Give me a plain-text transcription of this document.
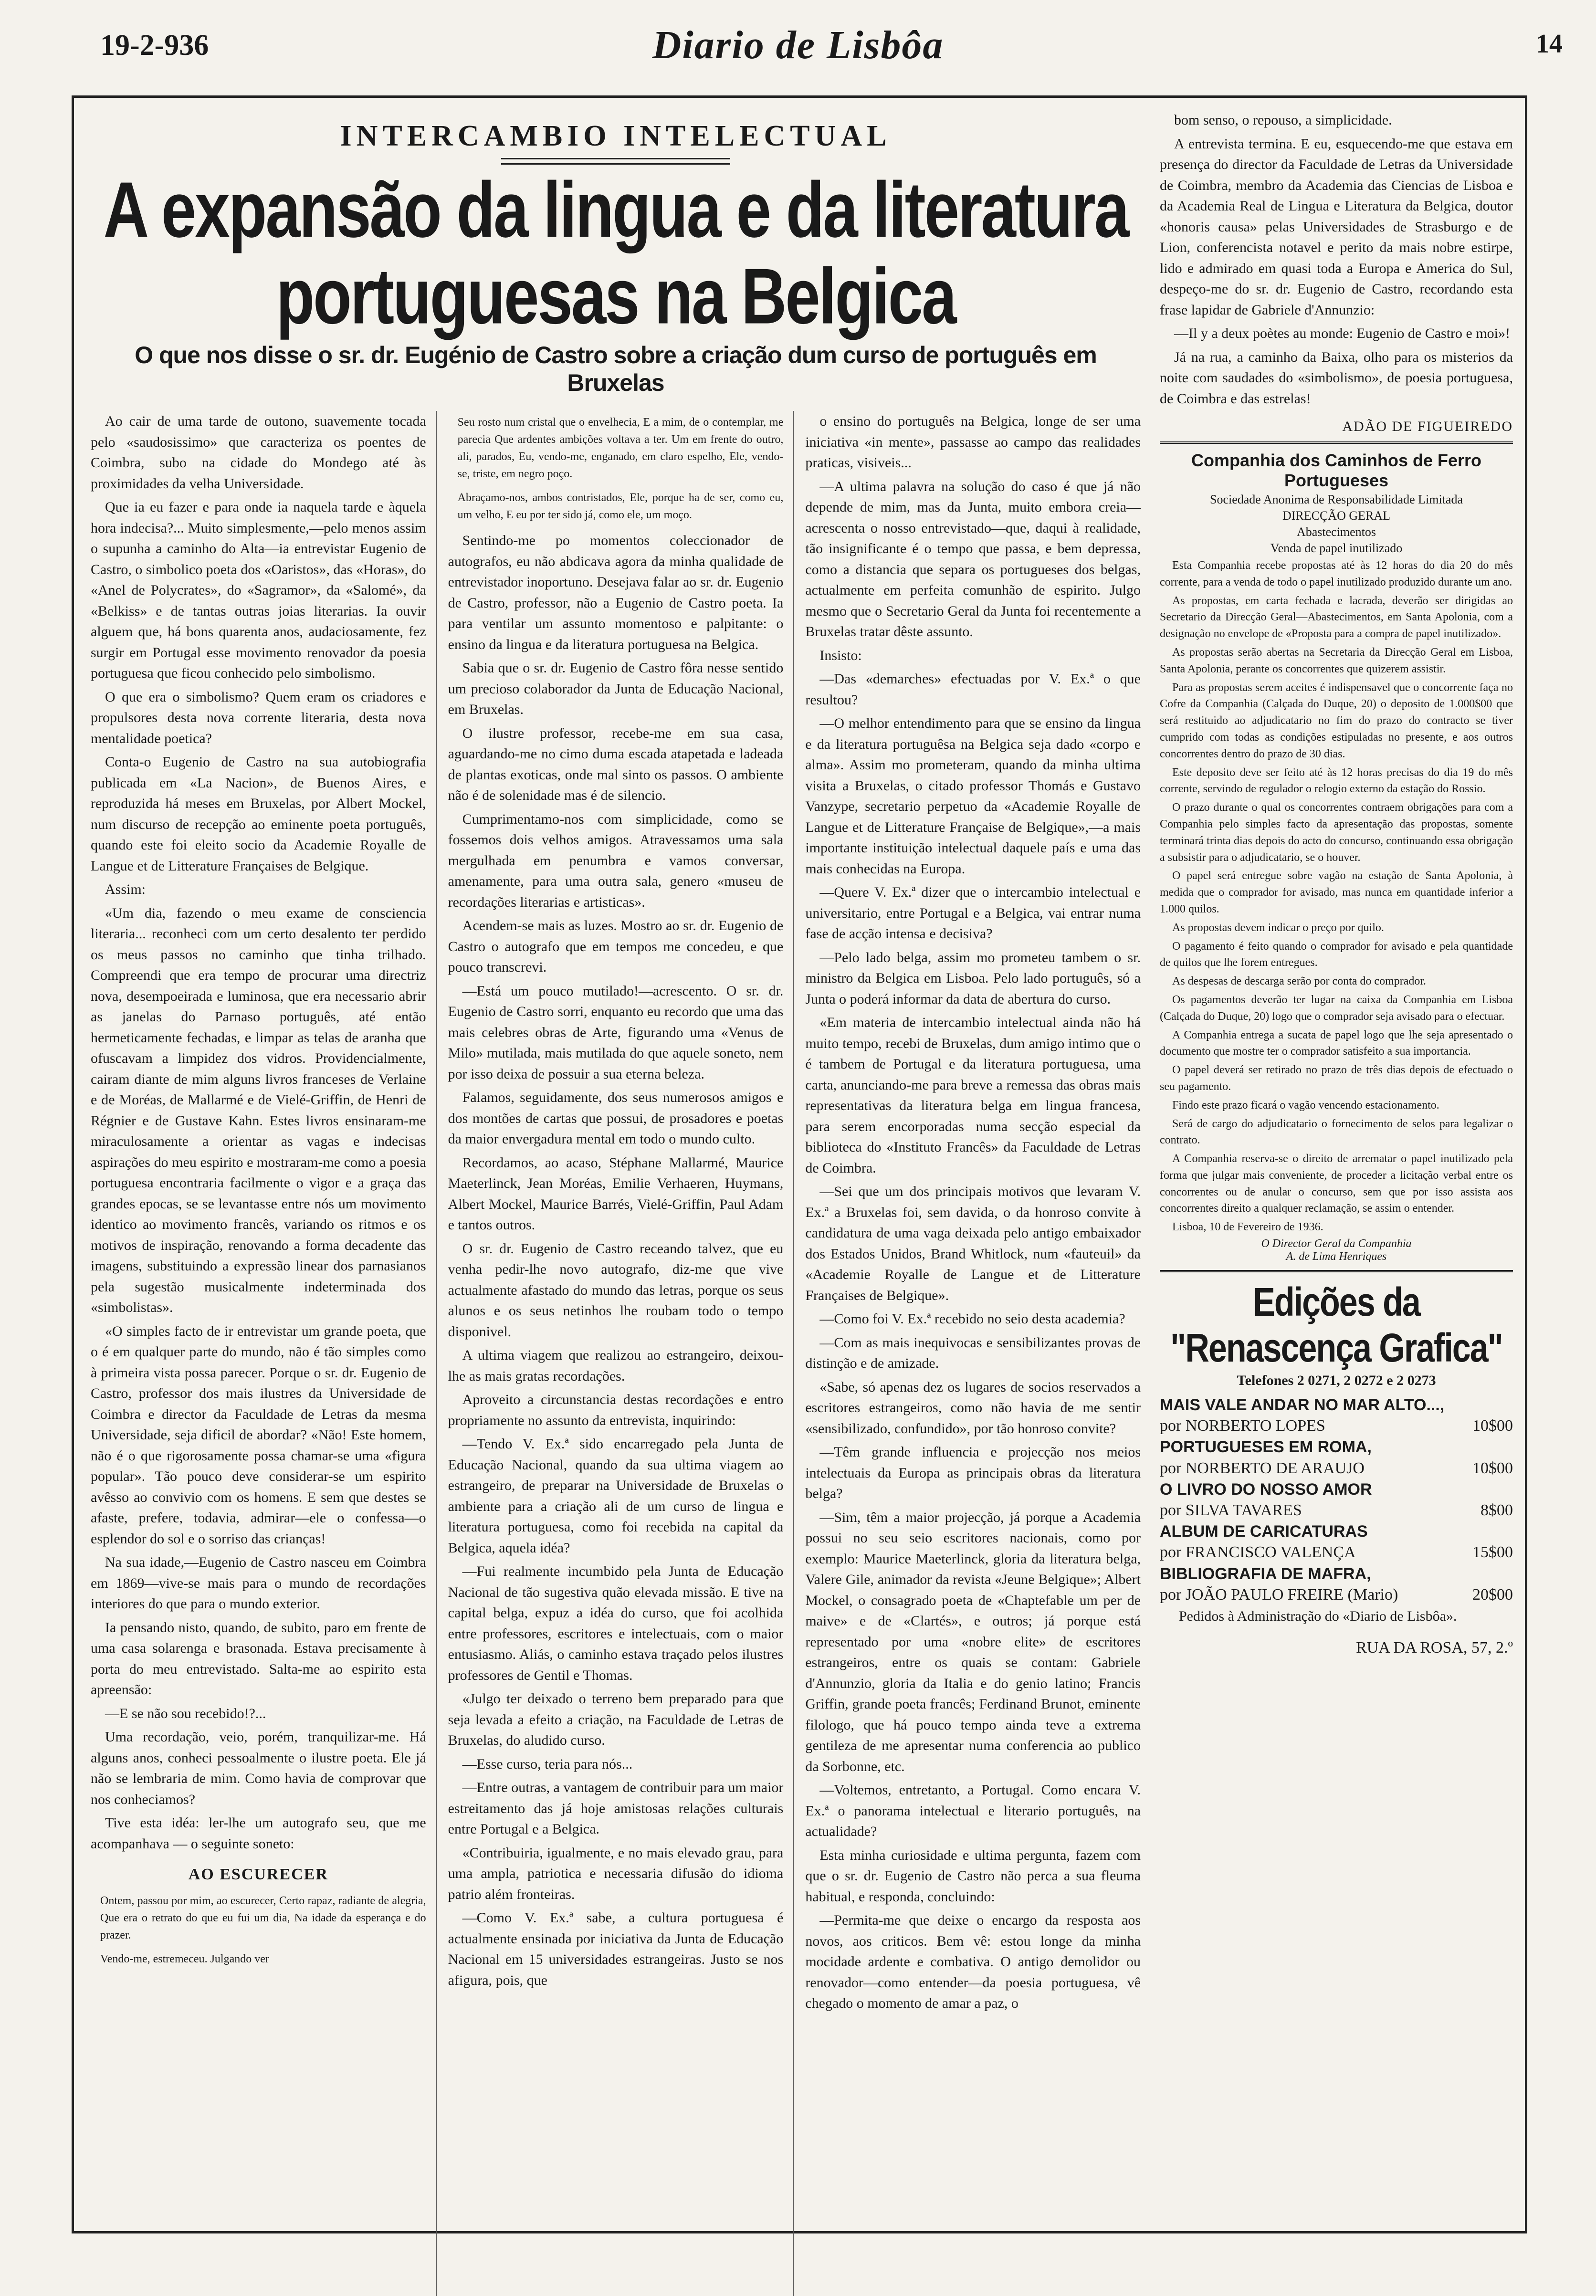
19-2-936	Diario de Lisbôa	14
INTERCAMBIO INTELECTUAL
A expansão da lingua e da literatura portuguesas na Belgica
O que nos disse o sr. dr. Eugénio de Castro sobre a criação dum curso de português em Bruxelas

Ao cair de uma tarde de outono, suavemente tocada pelo «saudosissimo» que caracteriza os poentes de Coimbra, subo na cidade do Mondego até às proximidades da velha Universidade.

Que ia eu fazer e para onde ia naquela tarde e àquela hora indecisa?... Muito simplesmente,—pelo menos assim o supunha a caminho do Alta—ia entrevistar Eugenio de Castro, o simbolico poeta dos «Oaristos», das «Horas», do «Anel de Polycrates», do «Sagramor», da «Salomé», da «Belkiss» e de tantas outras joias literarias. Ia ouvir alguem que, há bons quarenta anos, audaciosamente, fez surgir em Portugal esse movimento renovador da poesia portuguesa que ficou conhecido pelo simbolismo.

O que era o simbolismo? Quem eram os criadores e propulsores desta nova corrente literaria, desta nova mentalidade poetica?

Conta-o Eugenio de Castro na sua autobiografia publicada em «La Nacion», de Buenos Aires, e reproduzida há meses em Bruxelas, por Albert Mockel, num discurso de recepção ao eminente poeta português, quando este foi eleito socio da Academie Royalle de Langue et de Litterature Françaises de Belgique.

Assim:

«Um dia, fazendo o meu exame de consciencia literaria... reconheci com um certo desalento ter perdido os meus passos no caminho que tinha trilhado. Compreendi que era tempo de procurar uma directriz nova, desempoeirada e luminosa, que era necessario abrir as janelas do Parnaso português, até então hermeticamente fechadas, e limpar as telas de aranha que ofuscavam a limpidez dos vidros. Providencialmente, cairam diante de mim alguns livros franceses de Verlaine e de Moréas, de Mallarmé e de Vielé-Griffin, de Henri de Régnier e de Gustave Kahn. Estes livros ensinaram-me miraculosamente a orientar as vagas e indecisas aspirações do meu espirito e mostraram-me como a poesia portuguesa encontraria facilmente o vigor e a graça das grandes epocas, se se levantasse entre nós um movimento identico ao movimento francês, variando os ritmos e os motivos de inspiração, renovando a forma decadente das imagens, substituindo a expressão linear dos parnasianos pela sugestão musicalmente indeterminada dos «simbolistas».

«O simples facto de ir entrevistar um grande poeta, que o é em qualquer parte do mundo, não é tão simples como à primeira vista possa parecer. Porque o sr. dr. Eugenio de Castro, professor dos mais ilustres da Universidade de Coimbra e director da Faculdade de Letras da mesma Universidade, seja dificil de abordar? «Não! Este homem, não é o que rigorosamente possa chamar-se uma «figura popular». Tão pouco deve considerar-se um espirito avêsso ao convivio com os homens. E sem que destes se afaste, prefere, todavia, admirar—ele o confessa—o esplendor do sol e o sorriso das crianças!

Na sua idade,—Eugenio de Castro nasceu em Coimbra em 1869—vive-se mais para o mundo de recordações interiores do que para o mundo exterior.

Ia pensando nisto, quando, de subito, paro em frente de uma casa solarenga e brasonada. Estava precisamente à porta do meu entrevistado. Salta-me ao espirito esta apreensão:

—E se não sou recebido!?...

Uma recordação, veio, porém, tranquilizar-me. Há alguns anos, conheci pessoalmente o ilustre poeta. Ele já não se lembraria de mim. Como havia de comprovar que nos conheciamos?

Tive esta idéa: ler-lhe um autografo seu, que me acompanhava — o seguinte soneto:

AO ESCURECER
Ontem, passou por mim, ao escurecer, Certo rapaz, radiante de alegria, Que era o retrato do que eu fui um dia, Na idade da esperança e do prazer.
Vendo-me, estremeceu. Julgando ver
Seu rosto num cristal que o envelhecia, E a mim, de o contemplar, me parecia Que ardentes ambições voltava a ter. Um em frente do outro, ali, parados, Eu, vendo-me, enganado, em claro espelho, Ele, vendo-se, triste, em negro poço.
Abraçamo-nos, ambos contristados, Ele, porque ha de ser, como eu, um velho, E eu por ter sido já, como ele, um moço.

Sentindo-me po momentos coleccionador de autografos, eu não abdicava agora da minha qualidade de entrevistador inoportuno. Desejava falar ao sr. dr. Eugenio de Castro, professor, não a Eugenio de Castro poeta. Ia para ventilar um assunto momentoso e palpitante: o ensino da lingua e da literatura portuguesa na Belgica.

Sabia que o sr. dr. Eugenio de Castro fôra nesse sentido um precioso colaborador da Junta de Educação Nacional, em Bruxelas.

O ilustre professor, recebe-me em sua casa, aguardando-me no cimo duma escada atapetada e ladeada de plantas exoticas, onde mal sinto os passos. O ambiente não é de solenidade mas é de silencio.

Cumprimentamo-nos com simplicidade, como se fossemos dois velhos amigos. Atravessamos uma sala mergulhada em penumbra e vamos conversar, amenamente, para uma outra sala, genero «museu de recordações literarias e artisticas».

Acendem-se mais as luzes. Mostro ao sr. dr. Eugenio de Castro o autografo que em tempos me concedeu, e que pouco transcrevi.

—Está um pouco mutilado!—acrescento. O sr. dr. Eugenio de Castro sorri, enquanto eu recordo que uma das mais celebres obras de Arte, figurando uma «Venus de Milo» mutilada, mais mutilada do que aquele soneto, nem por isso deixa de possuir a sua eterna beleza.

Falamos, seguidamente, dos seus numerosos amigos e dos montões de cartas que possui, de prosadores e poetas da maior envergadura mental em todo o mundo culto.

Recordamos, ao acaso, Stéphane Mallarmé, Maurice Maeterlinck, Jean Moréas, Emilie Verhaeren, Huymans, Albert Mockel, Maurice Barrés, Vielé-Griffin, Paul Adam e tantos outros.

O sr. dr. Eugenio de Castro receando talvez, que eu venha pedir-lhe novo autografo, diz-me que vive actualmente afastado do mundo das letras, porque os seus alunos e os seus netinhos lhe roubam todo o tempo disponivel.

A ultima viagem que realizou ao estrangeiro, deixou-lhe as mais gratas recordações.

Aproveito a circunstancia destas recordações e entro propriamente no assunto da entrevista, inquirindo:

—Tendo V. Ex.ª sido encarregado pela Junta de Educação Nacional, quando da sua ultima viagem ao estrangeiro, de preparar na Universidade de Bruxelas o ambiente para a criação ali de um curso de lingua e literatura portuguesa, como foi recebida na capital da Belgica, aquela idéa?

—Fui realmente incumbido pela Junta de Educação Nacional de tão sugestiva quão elevada missão. E tive na capital belga, expuz a idéa do curso, que foi acolhida entre professores, escritores e intelectuais, com o maior entusiasmo. Aliás, o caminho estava traçado pelos ilustres professores de Gentil e Thomas.

«Julgo ter deixado o terreno bem preparado para que seja levada a efeito a criação, na Faculdade de Letras de Bruxelas, do aludido curso.

—Esse curso, teria para nós...

—Entre outras, a vantagem de contribuir para um maior estreitamento das já hoje amistosas relações culturais entre Portugal e a Belgica.

«Contribuiria, igualmente, e no mais elevado grau, para uma ampla, patriotica e necessaria difusão do idioma patrio além fronteiras.

—Como V. Ex.ª sabe, a cultura portuguesa é actualmente ensinada por iniciativa da Junta de Educação Nacional em 15 universidades estrangeiras. Justo se nos afigura, pois, que

o ensino do português na Belgica, longe de ser uma iniciativa «in mente», passasse ao campo das realidades praticas, visiveis...

—A ultima palavra na solução do caso é que já não depende de mim, mas da Junta, muito embora creia—acrescenta o nosso entrevistado—que, daqui à realidade, tão insignificante é o tempo que passa, e bem depressa, como a distancia que separa os portugueses dos belgas, actualmente em perfeita comunhão de espirito. Julgo mesmo que o Secretario Geral da Junta foi recentemente a Bruxelas tratar dêste assunto.

Insisto:

—Das «demarches» efectuadas por V. Ex.ª o que resultou?

—O melhor entendimento para que se ensino da lingua e da literatura portuguêsa na Belgica seja dado «corpo e alma». Assim mo prometeram, quando da minha ultima visita a Bruxelas, o citado professor Thomás e Gustavo Vanzype, secretario perpetuo da «Academie Royalle de Langue et de Litterature Française de Belgique»,—a mais importante instituição intelectual daquele país e uma das mais conhecidas na Europa.

—Quere V. Ex.ª dizer que o intercambio intelectual e universitario, entre Portugal e a Belgica, vai entrar numa fase de acção intensa e decisiva?

—Pelo lado belga, assim mo prometeu tambem o sr. ministro da Belgica em Lisboa. Pelo lado português, só a Junta o poderá informar da data de abertura do curso.

«Em materia de intercambio intelectual ainda não há muito tempo, recebi de Bruxelas, dum amigo intimo que o é tambem de Portugal e da literatura portuguesa, uma carta, anunciando-me para breve a remessa das obras mais representativas da literatura belga em lingua francesa, para serem encorporadas numa secção especial da biblioteca do «Instituto Francês» da Faculdade de Letras de Coimbra.

—Sei que um dos principais motivos que levaram V. Ex.ª a Bruxelas foi, sem davida, o da honroso convite à candidatura de uma vaga deixada pelo antigo embaixador dos Estados Unidos, Brand Whitlock, num «fauteuil» da «Academie Royalle de Langue et de Litterature Françaises de Belgique».

—Como foi V. Ex.ª recebido no seio desta academia?

—Com as mais inequivocas e sensibilizantes provas de distinção e de amizade.

«Sabe, só apenas dez os lugares de socios reservados a escritores estrangeiros, como não havia de me sentir «sensibilizado, confundido», por tão honroso convite?

—Têm grande influencia e projecção nos meios intelectuais da Europa as principais obras da literatura belga?

—Sim, têm a maior projecção, já porque a Academia possui no seu seio escritores nacionais, como por exemplo: Maurice Maeterlinck, gloria da literatura belga, Valere Gile, animador da revista «Jeune Belgique»; Albert Mockel, o consagrado poeta de «Chaptefable um per de maive» e de «Clartés», e outros; já porque está representado por uma «nobre elite» de escritores estrangeiros, entre os quais se contam: Gabriele d'Annunzio, gloria da Italia e do genio latino; Francis Griffin, grande poeta francês; Ferdinand Brunot, eminente filologo, que há pouco tempo ainda teve a extrema gentileza de me apresentar numa conferencia ao publico da Sorbonne, etc.

—Voltemos, entretanto, a Portugal. Como encara V. Ex.ª o panorama intelectual e literario português, na actualidade?

Esta minha curiosidade e ultima pergunta, fazem com que o sr. dr. Eugenio de Castro não perca a sua fleuma habitual, e responda, concluindo:

—Permita-me que deixe o encargo da resposta aos novos, aos criticos. Bem vê: estou longe da minha mocidade ardente e combativa. O antigo demolidor ou renovador—como entender—da poesia portuguesa, vê chegado o momento de amar a paz, o

bom senso, o repouso, a simplicidade.

A entrevista termina. E eu, esquecendo-me que estava em presença do director da Faculdade de Letras da Universidade de Coimbra, membro da Academia das Ciencias de Lisboa e da Academia Real de Lingua e Literatura da Belgica, doutor «honoris causa» pelas Universidades de Strasburgo e de Lion, conferencista notavel e perito da mais nobre estirpe, lido e admirado em quasi toda a Europa e America do Sul, despeço-me do sr. dr. Eugenio de Castro, recordando esta frase lapidar de Gabriele d'Annunzio:

—Il y a deux poètes au monde: Eugenio de Castro e moi»!

Já na rua, a caminho da Baixa, olho para os misterios da noite com saudades do «simbolismo», de poesia portuguesa, de Coimbra e das estrelas!

ADÃO DE FIGUEIREDO
Companhia dos Caminhos de Ferro Portugueses
Sociedade Anonima de Responsabilidade Limitada
DIRECÇÃO GERAL
Abastecimentos
Venda de papel inutilizado

Esta Companhia recebe propostas até às 12 horas do dia 20 do mês corrente, para a venda de todo o papel inutilizado produzido durante um ano.

As propostas, em carta fechada e lacrada, deverão ser dirigidas ao Secretario da Direcção Geral—Abastecimentos, em Santa Apolonia, com a designação no envelope de «Proposta para a compra de papel inutilizado».

As propostas serão abertas na Secretaria da Direcção Geral em Lisboa, Santa Apolonia, perante os concorrentes que quizerem assistir.

Para as propostas serem aceites é indispensavel que o concorrente faça no Cofre da Companhia (Calçada do Duque, 20) o deposito de 1.000$00 que será restituido ao adjudicatario no fim do prazo do contracto se tiver cumprido com todas as condições estipuladas no presente, e aos outros concorrentes dentro do prazo de 30 dias.

Este deposito deve ser feito até às 12 horas precisas do dia 19 do mês corrente, servindo de regulador o relogio externo da estação do Rossio.

O prazo durante o qual os concorrentes contraem obrigações para com a Companhia pelo simples facto da apresentação das propostas, somente terminará trinta dias depois do acto do concurso, continuando essa obrigação a subsistir para o adjudicatario, se o houver.

O papel será entregue sobre vagão na estação de Santa Apolonia, à medida que o comprador for avisado, mas nunca em quantidade inferior a 1.000 quilos.

As propostas devem indicar o preço por quilo.

O pagamento é feito quando o comprador for avisado e pela quantidade de quilos que lhe forem entregues.

As despesas de descarga serão por conta do comprador.

Os pagamentos deverão ter lugar na caixa da Companhia em Lisboa (Calçada do Duque, 20) logo que o comprador seja avisado para o efectuar.

A Companhia entrega a sucata de papel logo que lhe seja apresentado o documento que mostre ter o comprador satisfeito a sua importancia.

O papel deverá ser retirado no prazo de três dias depois de efectuado o seu pagamento.

Findo este prazo ficará o vagão vencendo estacionamento.

Será de cargo do adjudicatario o fornecimento de selos para legalizar o contrato.

A Companhia reserva-se o direito de arrematar o papel inutilizado pela forma que julgar mais conveniente, de proceder a licitação verbal entre os concorrentes ou de anular o concurso, sem que por isso assista aos concorrentes direito a qualquer reclamação, se assim o entender.

Lisboa, 10 de Fevereiro de 1936.

O Director Geral da Companhia
A. de Lima Henriques
Edições da "Renascença Grafica"
Telefones 2 0271, 2 0272 e 2 0273
MAIS VALE ANDAR NO MAR ALTO...,
por NORBERTO LOPES	10$00
PORTUGUESES EM ROMA,
por NORBERTO DE ARAUJO	10$00
O LIVRO DO NOSSO AMOR
por SILVA TAVARES	8$00
ALBUM DE CARICATURAS
por FRANCISCO VALENÇA	15$00
BIBLIOGRAFIA DE MAFRA,
por JOÃO PAULO FREIRE (Mario)	20$00
Pedidos à Administração do «Diario de Lisbôa».
RUA DA ROSA, 57, 2.º
